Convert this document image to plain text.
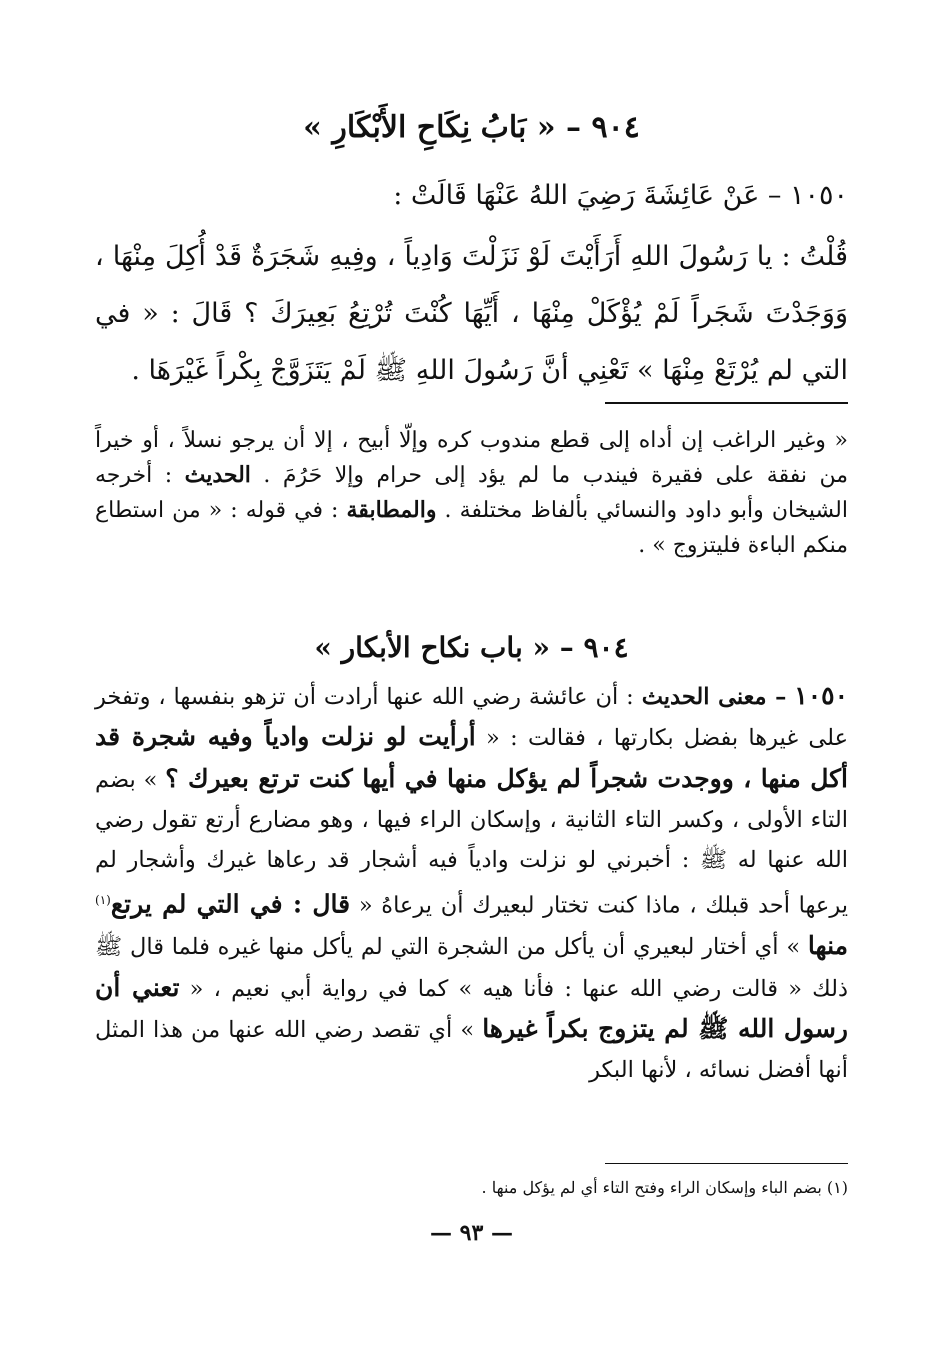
٩٠٤ – « بَابُ نِكَاحِ الأَبْكَارِ »
١٠٥٠ – عَنْ عَائِشَةَ رَضِيَ اللهُ عَنْهَا قَالَتْ :
قُلْتُ : يا رَسُولَ اللهِ أَرَأَيْتَ لَوْ نَزَلْتَ وَادِياً ، وفِيهِ شَجَرَةٌ قَدْ أُكِلَ مِنْهَا ، وَوَجَدْتَ شَجَراً لَمْ يُؤْكَلْ مِنْهَا ، أَيِّهَا كُنْتَ تُرْتِعُ بَعِيرَكَ ؟ قَالَ : « في التي لم يُرْتَعْ مِنْهَا » تَعْنِي أنَّ رَسُولَ اللهِ ﷺ لَمْ يَتَزَوَّجْ بِكْراً غَيْرَهَا .
« وغير الراغب إن أداه إلى قطع مندوب كره وإلّا أبيح ، إلا أن يرجو نسلاً ، أو خيراً من نفقة على فقيرة فيندب ما لم يؤد إلى حرام وإلا حَرُمَ . الحديث : أخرجه الشيخان وأبو داود والنسائي بألفاظ مختلفة . والمطابقة : في قوله : « من استطاع منكم الباءة فليتزوج » .
٩٠٤ – « باب نكاح الأبكار »
١٠٥٠ – معنى الحديث : أن عائشة رضي الله عنها أرادت أن تزهو بنفسها ، وتفخر على غيرها بفضل بكارتها ، فقالت : « أرأيت لو نزلت وادياً وفيه شجرة قد أكل منها ، ووجدت شجراً لم يؤكل منها في أيها كنت ترتع بعيرك ؟ » بضم التاء الأولى ، وكسر التاء الثانية ، وإسكان الراء فيها ، وهو مضارع أرتع تقول رضي الله عنها له ﷺ : أخبرني لو نزلت وادياً فيه أشجار قد رعاها غيرك وأشجار لم يرعها أحد قبلك ، ماذا كنت تختار لبعيرك أن يرعاهُ « قال : في التي لم يرتع$^{(١)}$ منها » أي أختار لبعيري أن يأكل من الشجرة التي لم يأكل منها غيره فلما قال ﷺ ذلك « قالت رضي الله عنها : فأنا هيه » كما في رواية أبي نعيم ، « تعني أن رسول الله ﷺ لم يتزوج بكراً غيرها » أي تقصد رضي الله عنها من هذا المثل أنها أفضل نسائه ، لأنها البكر
(١) بضم الباء وإسكان الراء وفتح التاء أي لم يؤكل منها .
— ٩٣ —
